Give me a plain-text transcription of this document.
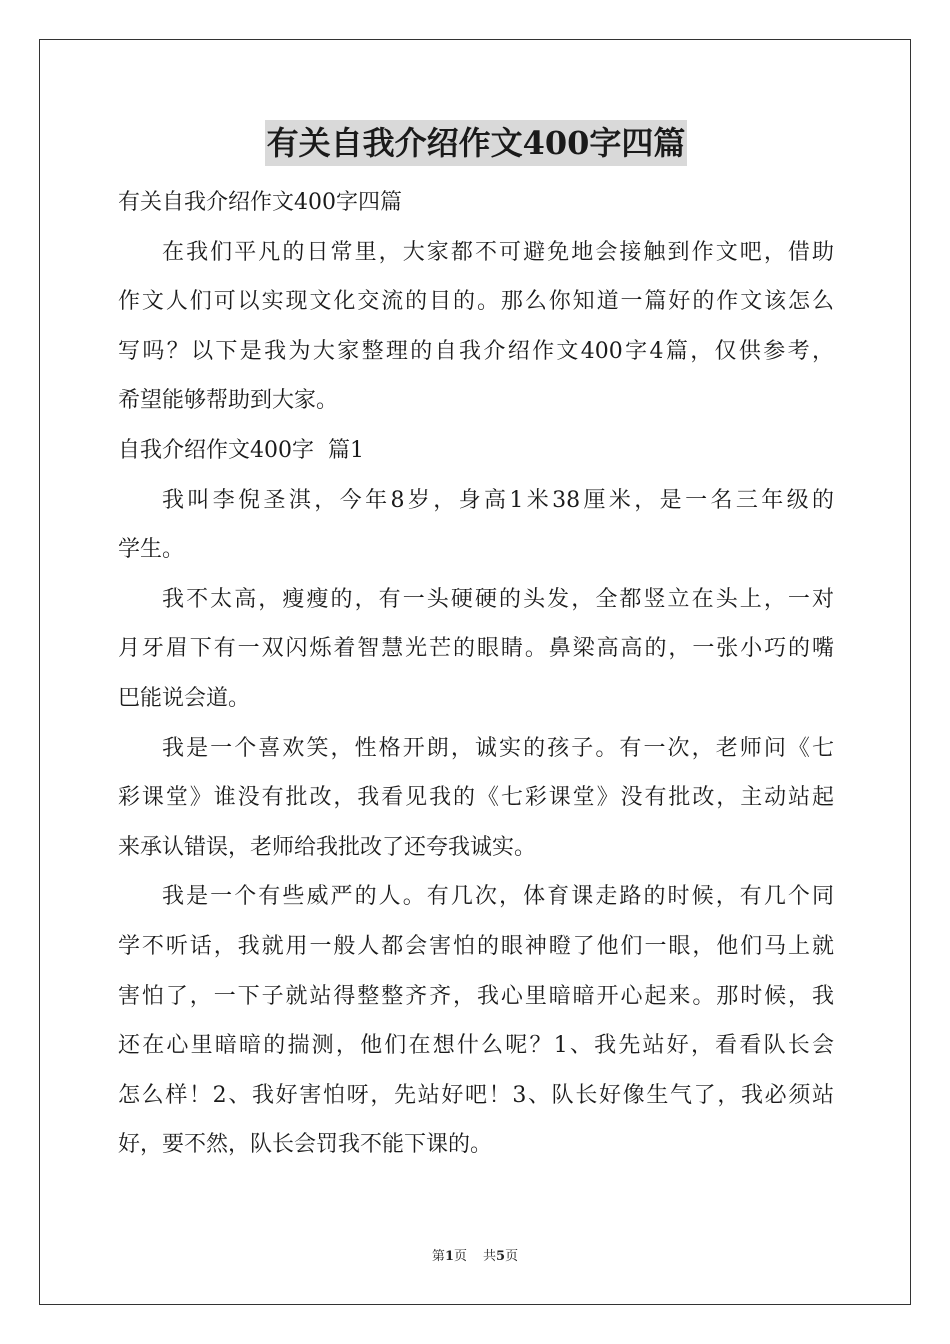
有关自我介绍作文400字四篇
有关自我介绍作文400字四篇
在我们平凡的日常里，大家都不可避免地会接触到作文吧，借助
作文人们可以实现文化交流的目的。那么你知道一篇好的作文该怎么
写吗？以下是我为大家整理的自我介绍作文400字4篇，仅供参考，
希望能够帮助到大家。
自我介绍作文400字  篇1
我叫李倪圣淇，今年8岁，身高1米38厘米，是一名三年级的
学生。
我不太高，瘦瘦的，有一头硬硬的头发，全都竖立在头上，一对
月牙眉下有一双闪烁着智慧光芒的眼睛。鼻梁高高的，一张小巧的嘴
巴能说会道。
我是一个喜欢笑，性格开朗，诚实的孩子。有一次，老师问《七
彩课堂》谁没有批改，我看见我的《七彩课堂》没有批改，主动站起
来承认错误，老师给我批改了还夸我诚实。
我是一个有些威严的人。有几次，体育课走路的时候，有几个同
学不听话，我就用一般人都会害怕的眼神瞪了他们一眼，他们马上就
害怕了，一下子就站得整整齐齐，我心里暗暗开心起来。那时候，我
还在心里暗暗的揣测，他们在想什么呢？1、我先站好，看看队长会
怎么样！2、我好害怕呀，先站好吧！3、队长好像生气了，我必须站
好，要不然，队长会罚我不能下课的。
第1页 共5页
